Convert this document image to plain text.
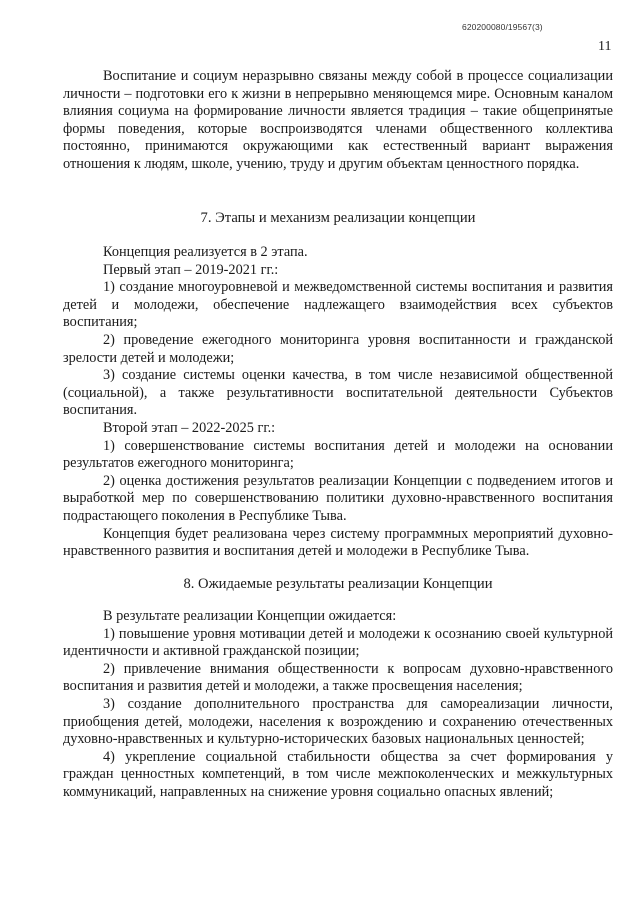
620200080/19567(3)
11

Воспитание и социум неразрывно связаны между собой в процессе социализации личности – подготовки его к жизни в непрерывно меняющемся мире. Основным каналом влияния социума на формирование личности является традиция – такие общепринятые формы поведения, которые воспроизводятся членами общественного коллектива постоянно, принимаются окружающими как естественный вариант выражения отношения к людям, школе, учению, труду и другим объектам ценностного порядка.

7. Этапы и механизм реализации концепции

Концепция реализуется в 2 этапа.

Первый этап – 2019-2021 гг.:

1) создание многоуровневой и межведомственной системы воспитания и развития детей и молодежи, обеспечение надлежащего взаимодействия всех субъектов воспитания;

2) проведение ежегодного мониторинга уровня воспитанности и гражданской зрелости детей и молодежи;

3) создание системы оценки качества, в том числе независимой общественной (социальной), а также результативности воспитательной деятельности Субъектов воспитания.

Второй этап – 2022-2025 гг.:

1) совершенствование системы воспитания детей и молодежи на основании результатов ежегодного мониторинга;

2) оценка достижения результатов реализации Концепции с подведением итогов и выработкой мер по совершенствованию политики духовно-нравственного воспитания подрастающего поколения в Республике Тыва.

Концепция будет реализована через систему программных мероприятий духовно-нравственного развития и воспитания детей и молодежи в Республике Тыва.

8. Ожидаемые результаты реализации Концепции

В результате реализации Концепции ожидается:

1) повышение уровня мотивации детей и молодежи к осознанию своей культурной идентичности и активной гражданской позиции;

2) привлечение внимания общественности к вопросам духовно-нравственного воспитания и развития детей и молодежи, а также просвещения населения;

3) создание дополнительного пространства для самореализации личности, приобщения детей, молодежи, населения к возрождению и сохранению отечественных духовно-нравственных и культурно-исторических базовых национальных ценностей;

4) укрепление социальной стабильности общества за счет формирования у граждан ценностных компетенций, в том числе межпоколенческих и межкультурных коммуникаций, направленных на снижение уровня социально опасных явлений;
